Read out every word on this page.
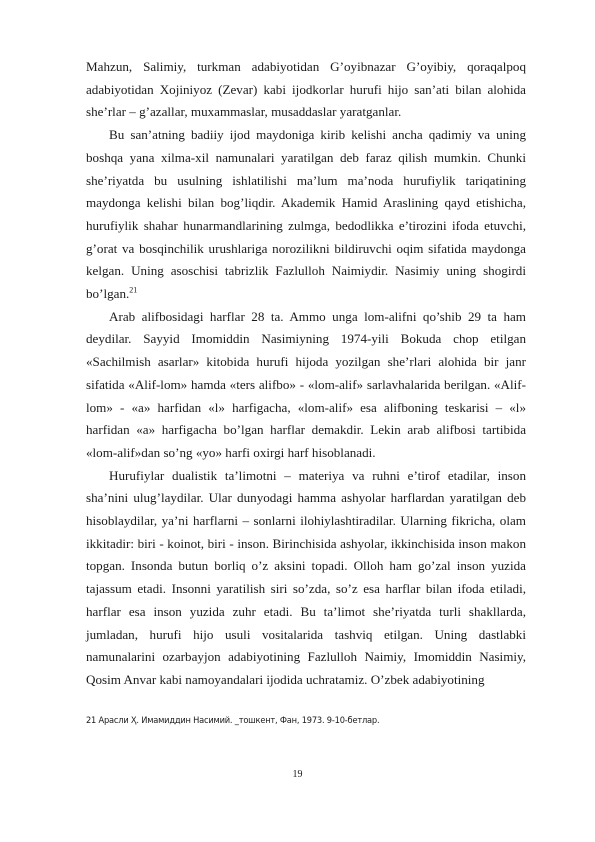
Mahzun, Salimiy, turkman adabiyotidan G’oyibnazar G’oyibiy, qoraqalpoq adabiyotidan Xojiniyoz (Zevar) kabi ijodkorlar hurufi hijo san’ati bilan alohida she’rlar – g’azallar, muxammaslar, musaddaslar yaratganlar.

Bu san’atning badiiy ijod maydoniga kirib kelishi ancha qadimiy va uning boshqa yana xilma-xil namunalari yaratilgan deb faraz qilish mumkin. Chunki she’riyatda bu usulning ishlatilishi ma’lum ma’noda hurufiylik tariqatining maydonga kelishi bilan bog’liqdir. Akademik Hamid Araslining qayd etishicha, hurufiylik shahar hunarmandlarining zulmga, bedodlikka e’tirozini ifoda etuvchi, g’orat va bosqinchilik urushlariga norozilikni bildiruvchi oqim sifatida maydonga kelgan. Uning asoschisi tabrizlik Fazlulloh Naimiydir. Nasimiy uning shogirdi bo’lgan.$^{21}$

Arab alifbosidagi harflar 28 ta. Ammo unga lom-alifni qo’shib 29 ta ham deydilar. Sayyid Imomiddin Nasimiyning 1974-yili Bokuda chop etilgan «Sachilmish asarlar» kitobida hurufi hijoda yozilgan she’rlari alohida bir janr sifatida «Alif-lom» hamda «ters alifbo» - «lom-alif» sarlavhalarida berilgan. «Alif-lom» - «a» harfidan «l» harfigacha, «lom-alif» esa alifboning teskarisi – «l» harfidan «a» harfigacha bo’lgan harflar demakdir. Lekin arab alifbosi tartibida «lom-alif»dan so’ng «yo» harfi oxirgi harf hisoblanadi.

Hurufiylar dualistik ta’limotni – materiya va ruhni e’tirof etadilar, inson sha’nini ulug’laydilar. Ular dunyodagi hamma ashyolar harflardan yaratilgan deb hisoblaydilar, ya’ni harflarni – sonlarni ilohiylashtiradilar. Ularning fikricha, olam ikkitadir: biri - koinot, biri - inson. Birinchisida ashyolar, ikkinchisida inson makon topgan. Insonda butun borliq o’z aksini topadi. Olloh ham go’zal inson yuzida tajassum etadi. Insonni yaratilish siri so’zda, so’z esa harflar bilan ifoda etiladi, harflar esa inson yuzida zuhr etadi. Bu ta’limot she’riyatda turli shakllarda, jumladan, hurufi hijo usuli vositalarida tashviq etilgan. Uning dastlabki namunalarini ozarbayjon adabiyotining Fazlulloh Naimiy, Imomiddin Nasimiy, Qosim Anvar kabi namoyandalari ijodida uchratamiz. O’zbek adabiyotining

21 Арасли Ҳ. Имамиддин Насимий. _тошкент, Фан, 1973. 9-10-бетлар.
19
